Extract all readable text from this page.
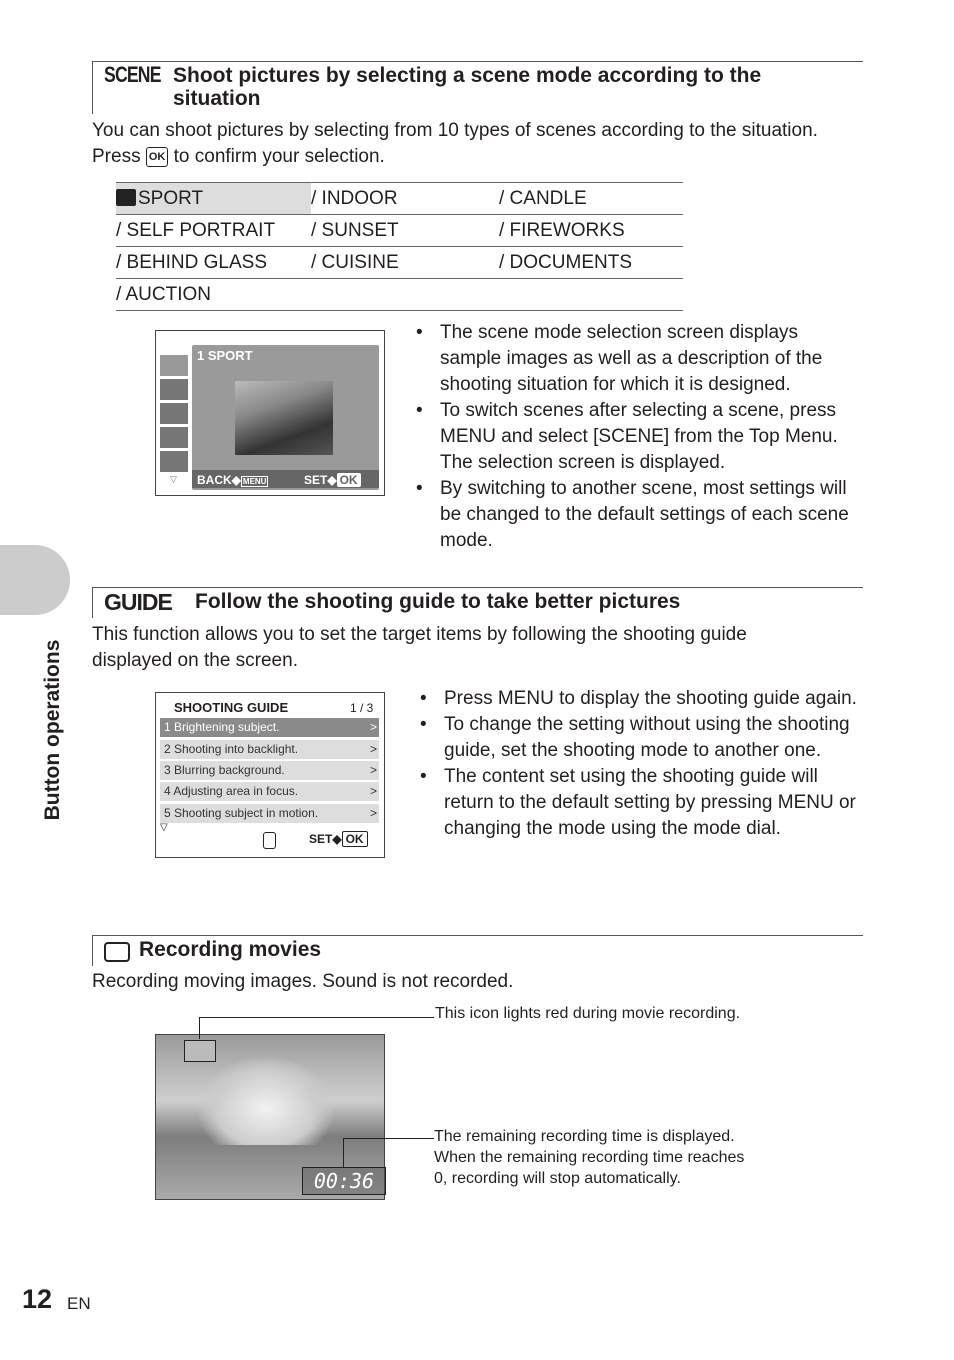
Button operations
SCENE Shoot pictures by selecting a scene mode according to the
situation
You can shoot pictures by selecting from 10 types of scenes according to the situation.
Press OK to confirm your selection.
SPORT	/ INDOOR	/ CANDLE
/ SELF PORTRAIT	/ SUNSET	/ FIREWORKS
/ BEHIND GLASS	/ CUISINE	/ DOCUMENTS
/ AUCTION		
▽
1 SPORT
BACK◆ MENU	SET◆ OK
• The scene mode selection screen displays sample images as well as a description of the shooting situation for which it is designed.
• To switch scenes after selecting a scene, press MENU and select [SCENE] from the Top Menu. The selection screen is displayed.
• By switching to another scene, most settings will be changed to the default settings of each scene mode.
GUIDE Follow the shooting guide to take better pictures
This function allows you to set the target items by following the shooting guide
displayed on the screen.
SHOOTING GUIDE	1 / 3
1 Brightening subject.	>
2 Shooting into backlight.	>
3 Blurring background.	>
4 Adjusting area in focus.	>
5 Shooting subject in motion.	>
▽
SET◆ OK
• Press MENU to display the shooting guide again.
• To change the setting without using the shooting guide, set the shooting mode to another one.
• The content set using the shooting guide will return to the default setting by pressing MENU or changing the mode using the mode dial.
Recording movies
Recording moving images. Sound is not recorded.
00:36
This icon lights red during movie recording.
The remaining recording time is displayed.
When the remaining recording time reaches
0, recording will stop automatically.
12 EN
